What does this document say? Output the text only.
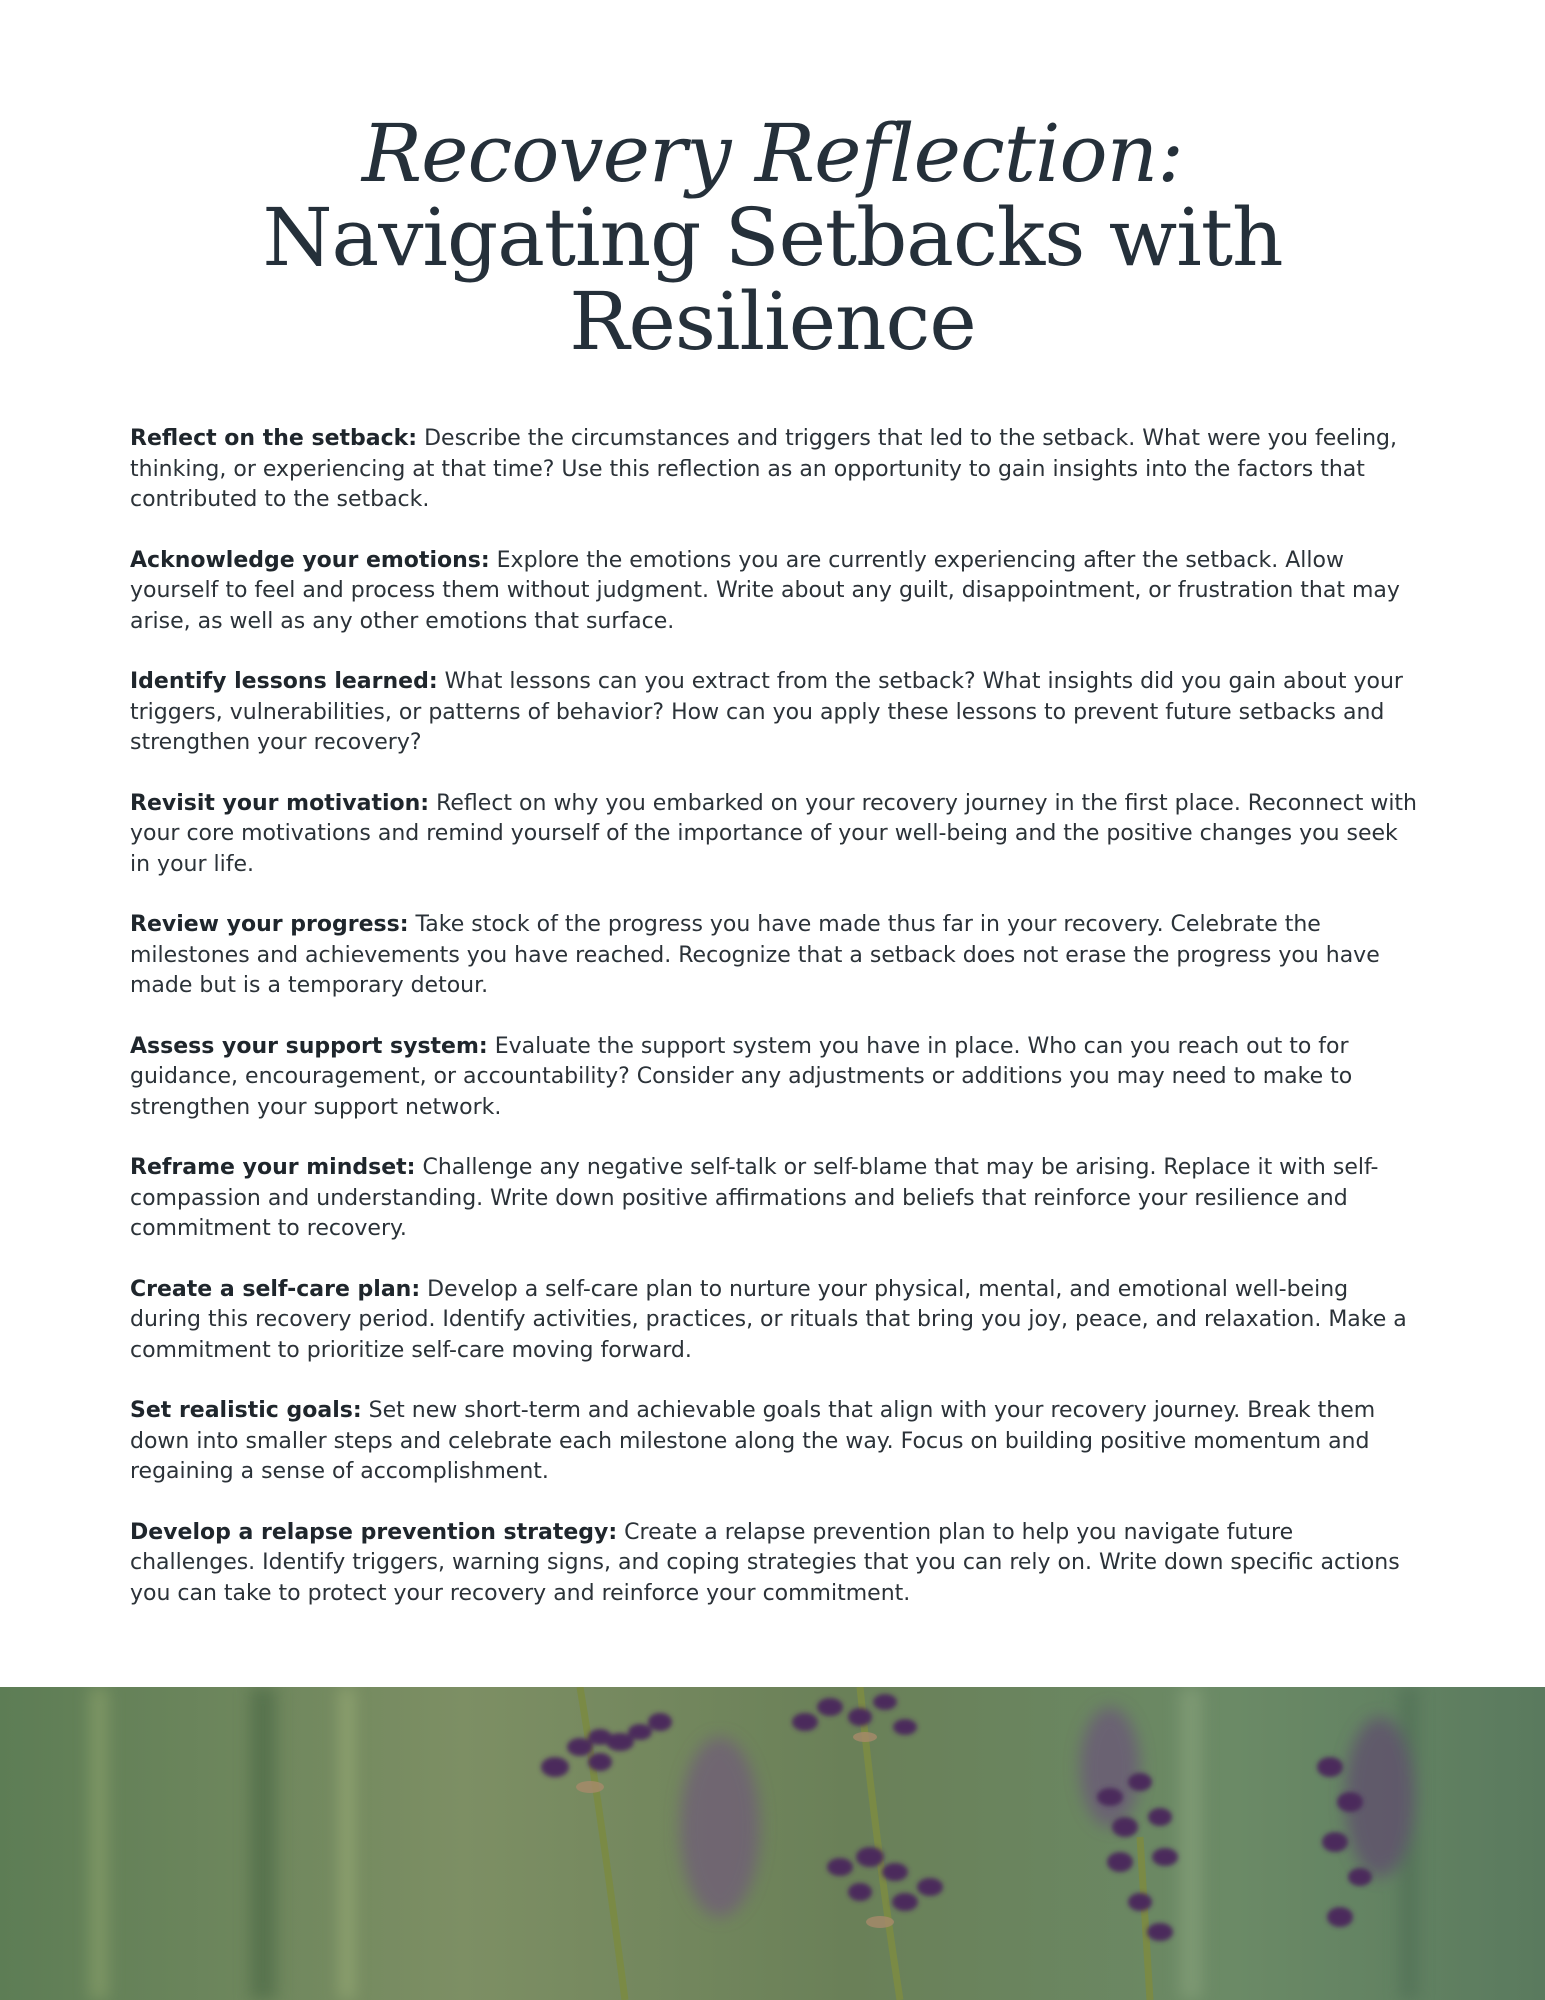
Recovery Reflection:
Navigating Setbacks with
Resilience

Reflect on the setback: Describe the circumstances and triggers that led to the setback. What were you feeling, thinking, or experiencing at that time? Use this reflection as an opportunity to gain insights into the factors that contributed to the setback.

Acknowledge your emotions: Explore the emotions you are currently experiencing after the setback. Allow yourself to feel and process them without judgment. Write about any guilt, disappointment, or frustration that may arise, as well as any other emotions that surface.

Identify lessons learned: What lessons can you extract from the setback? What insights did you gain about your triggers, vulnerabilities, or patterns of behavior? How can you apply these lessons to prevent future setbacks and strengthen your recovery?

Revisit your motivation: Reflect on why you embarked on your recovery journey in the first place. Reconnect with your core motivations and remind yourself of the importance of your well-being and the positive changes you seek in your life.

Review your progress: Take stock of the progress you have made thus far in your recovery. Celebrate the milestones and achievements you have reached. Recognize that a setback does not erase the progress you have made but is a temporary detour.

Assess your support system: Evaluate the support system you have in place. Who can you reach out to for guidance, encouragement, or accountability? Consider any adjustments or additions you may need to make to strengthen your support network.

Reframe your mindset: Challenge any negative self-talk or self-blame that may be arising. Replace it with self-compassion and understanding. Write down positive affirmations and beliefs that reinforce your resilience and commitment to recovery.

Create a self-care plan: Develop a self-care plan to nurture your physical, mental, and emotional well-being during this recovery period. Identify activities, practices, or rituals that bring you joy, peace, and relaxation. Make a commitment to prioritize self-care moving forward.

Set realistic goals: Set new short-term and achievable goals that align with your recovery journey. Break them down into smaller steps and celebrate each milestone along the way. Focus on building positive momentum and regaining a sense of accomplishment.

Develop a relapse prevention strategy: Create a relapse prevention plan to help you navigate future challenges. Identify triggers, warning signs, and coping strategies that you can rely on. Write down specific actions you can take to protect your recovery and reinforce your commitment.
